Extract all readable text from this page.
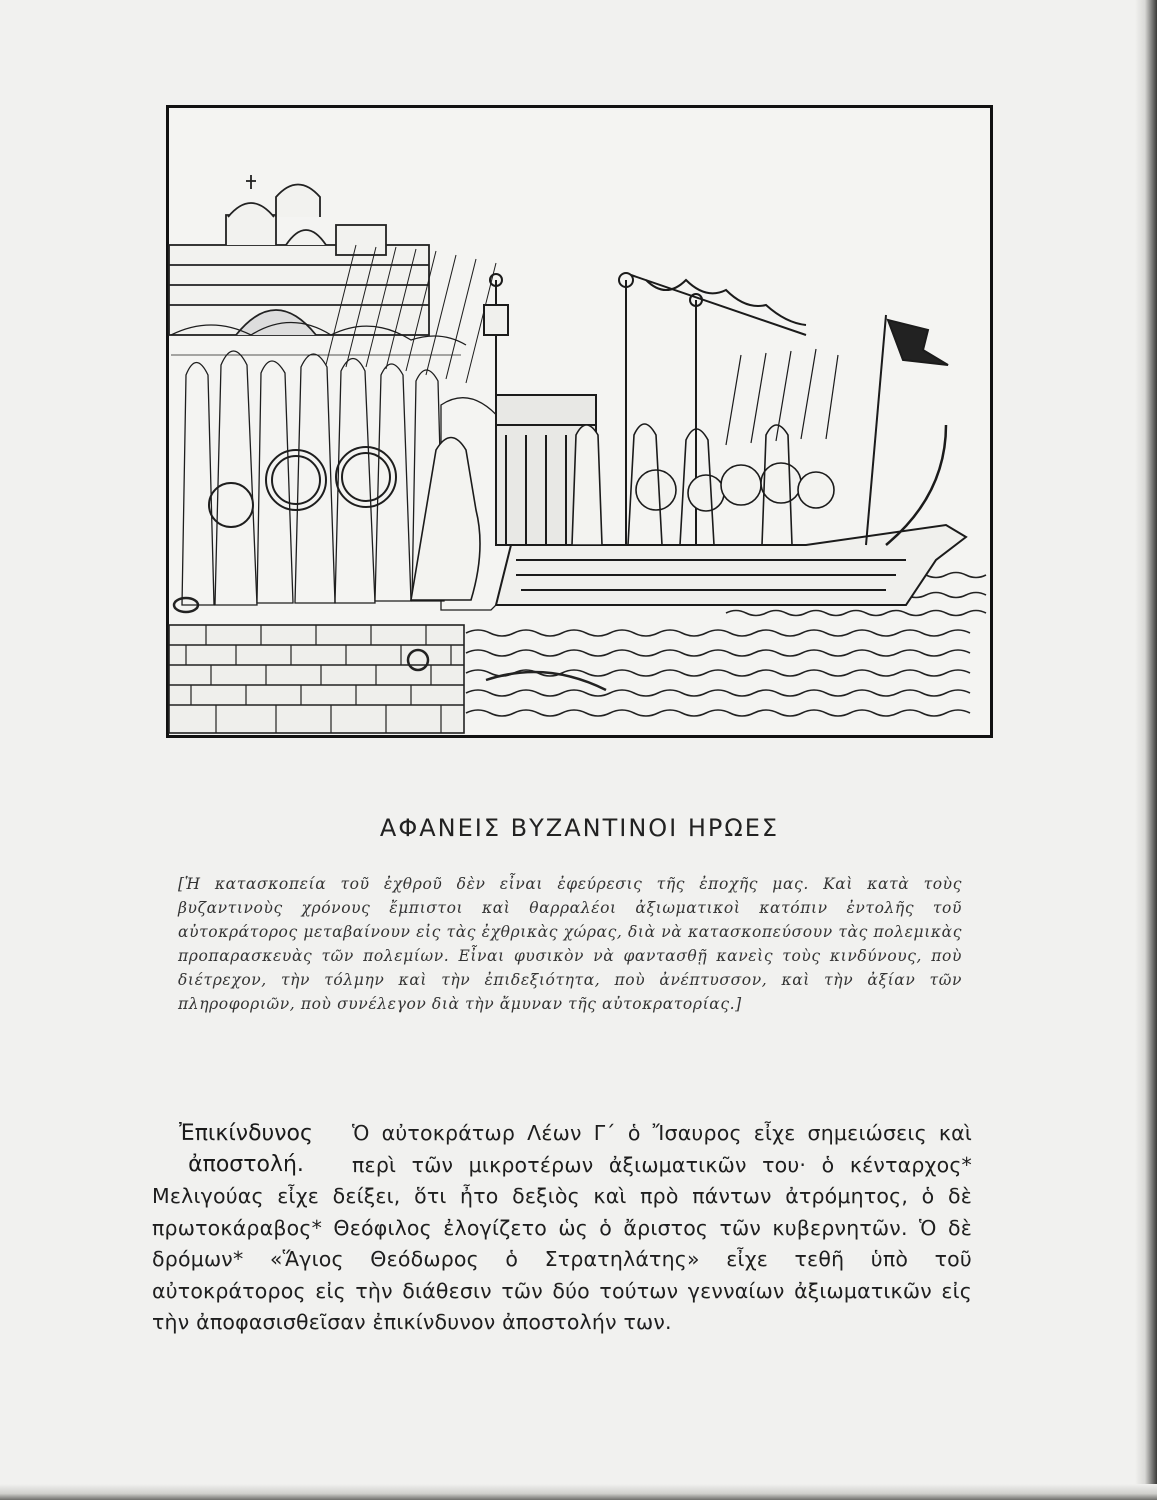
ΑΦΑΝΕΙΣ ΒΥΖΑΝΤΙΝΟΙ ΗΡΩΕΣ
[Ἡ κατασκοπεία τοῦ ἐχθροῦ δὲν εἶναι ἐφεύρεσις τῆς ἐποχῆς μας. Καὶ κατὰ τοὺς βυζαντινοὺς χρόνους ἔμπιστοι καὶ θαρραλέοι ἀξιωματικοὶ κατόπιν ἐντολῆς τοῦ αὐτοκράτορος μεταβαίνουν εἰς τὰς ἐχθρικὰς χώρας, διὰ νὰ κατασκοπεύσουν τὰς πολεμικὰς προπαρασκευὰς τῶν πολεμίων. Εἶναι φυσικὸν νὰ φαντασθῇ κανεὶς τοὺς κινδύνους, ποὺ διέτρεχον, τὴν τόλμην καὶ τὴν ἐπιδεξιότητα, ποὺ ἀνέπτυσσον, καὶ τὴν ἀξίαν τῶν πληροφοριῶν, ποὺ συνέλεγον διὰ τὴν ἄμυναν τῆς αὐτοκρατορίας.]
Ἐπικίνδυνος
ἀποστολή.
Ὁ αὐτοκράτωρ Λέων Γ΄ ὁ Ἴσαυρος εἶχε σημειώσεις καὶ περὶ τῶν μικροτέρων ἀξιωματικῶν του· ὁ κένταρχος* Μελιγούας εἶχε δείξει, ὅτι ἦτο δεξιὸς καὶ πρὸ πάντων ἀτρόμητος, ὁ δὲ πρωτοκάραβος* Θεόφιλος ἐλογίζετο ὡς ὁ ἄριστος τῶν κυβερνητῶν. Ὁ δὲ δρόμων* «Ἅγιος Θεόδωρος ὁ Στρατηλάτης» εἶχε τεθῆ ὑπὸ τοῦ αὐτοκράτορος εἰς τὴν διάθεσιν τῶν δύο τούτων γενναίων ἀξιωματικῶν εἰς τὴν ἀποφασισθεῖσαν ἐπικίνδυνον ἀποστολήν των.
